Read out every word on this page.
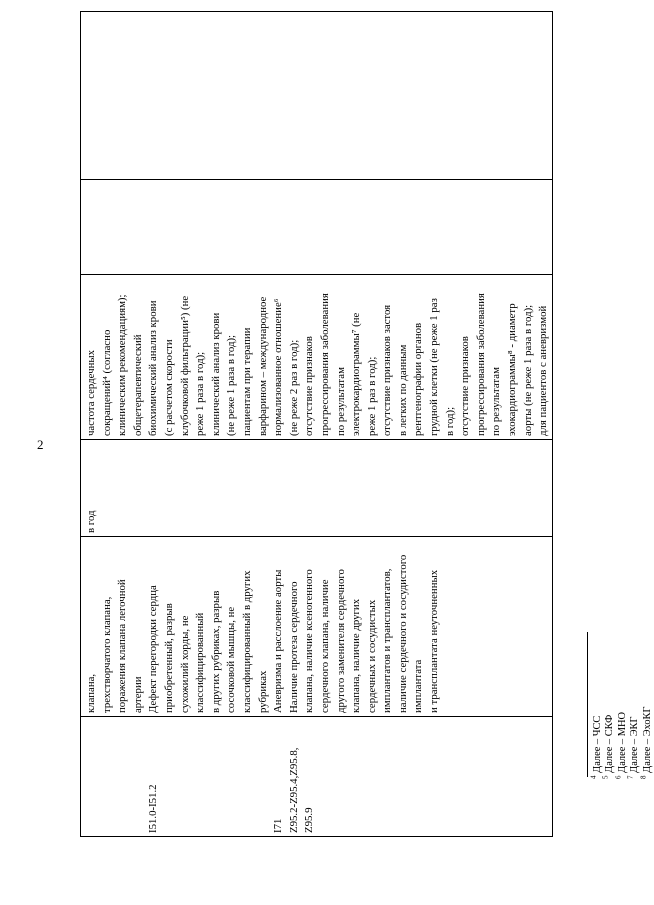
2
I51.0-I51.2	I71 Z95.2-Z95.4,Z95.8, Z95.9

клапана, трехстворчатого клапана, поражения клапана легочной артерии Дефект перегородки сердца приобретенный, разрыв сухожилий хорды, не классифицированный в других рубриках, разрыв сосочковой мышцы, не классифицированный в других рубриках Аневризма и расслоение аорты Наличие протеза сердечного клапана, наличие ксеногенного сердечного клапана, наличие другого заменителя сердечного клапана, наличие других сердечных и сосудистых имплантатов и трансплантатов, наличие сердечного и сосудистого имплантата и трансплантата неуточненных

в год

частота сердечных сокращений⁴ (согласно клиническим рекомендациям); общетерапевтический биохимический анализ крови (с расчетом скорости клубочковой фильтрации⁵) (не реже 1 раза в год); клинический анализ крови (не реже 1 раза в год); пациентам при терапии варфарином – международное нормализованное отношение⁶ (не реже 2 раз в год); отсутствие признаков прогрессирования заболевания по результатам электрокардиограммы⁷ (не реже 1 раз в год); отсутствие признаков застоя в легких по данным рентгенографии органов грудной клетки (не реже 1 раз в год); отсутствие признаков прогрессирования заболевания по результатам эхокардиограммы⁸ - диаметр аорты (не реже 1 раза в год); для пациентов с аневризмой

$^4$ Далее – ЧСС
$^5$ Далее – СКФ
$^6$ Далее – МНО
$^7$ Далее – ЭКГ
$^8$ Далее – ЭхоКГ
